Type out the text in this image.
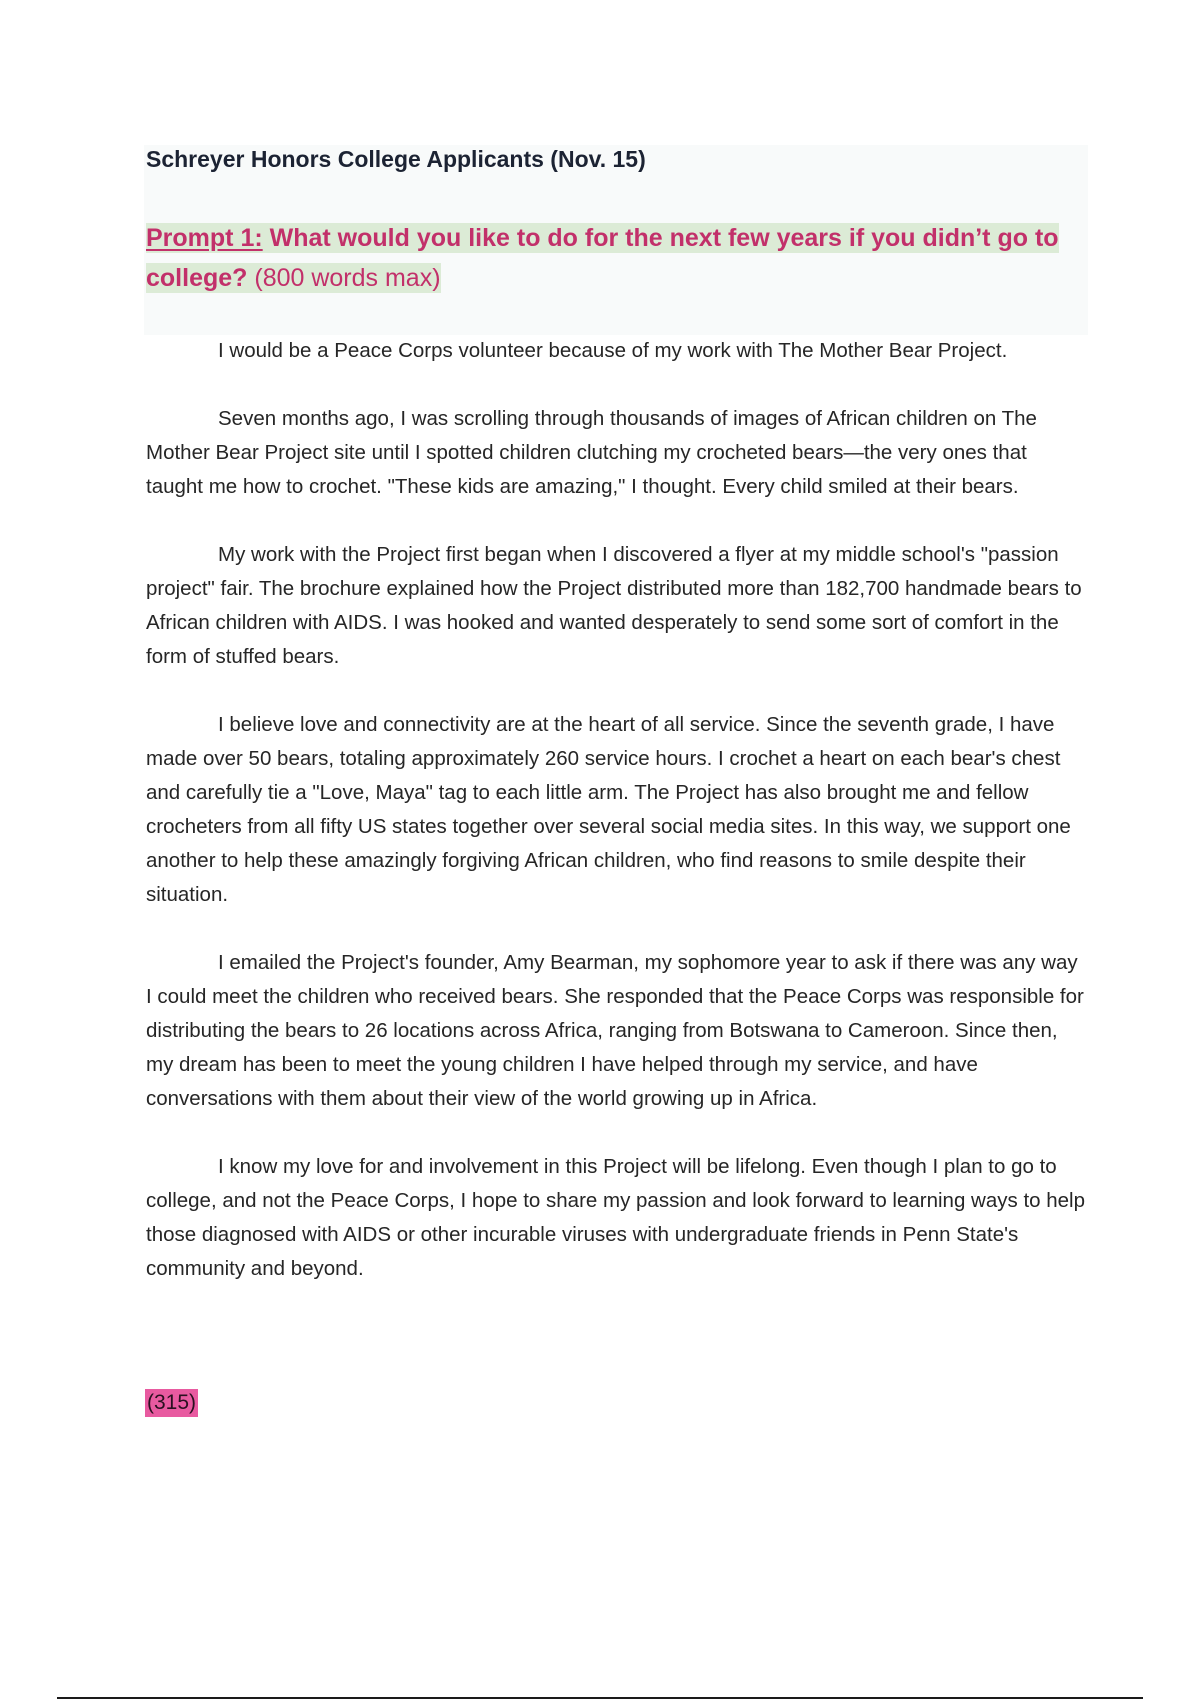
Schreyer Honors College Applicants (Nov. 15)
Prompt 1: What would you like to do for the next few years if you didn’t go to college? (800 words max)

I would be a Peace Corps volunteer because of my work with The Mother Bear Project.

Seven months ago, I was scrolling through thousands of images of African children on The Mother Bear Project site until I spotted children clutching my crocheted bears—the very ones that taught me how to crochet. "These kids are amazing," I thought. Every child smiled at their bears.

My work with the Project first began when I discovered a flyer at my middle school's "passion project" fair. The brochure explained how the Project distributed more than 182,700 handmade bears to African children with AIDS. I was hooked and wanted desperately to send some sort of comfort in the form of stuffed bears.

I believe love and connectivity are at the heart of all service. Since the seventh grade, I have made over 50 bears, totaling approximately 260 service hours. I crochet a heart on each bear's chest and carefully tie a "Love, Maya" tag to each little arm. The Project has also brought me and fellow crocheters from all fifty US states together over several social media sites. In this way, we support one another to help these amazingly forgiving African children, who find reasons to smile despite their situation.

I emailed the Project's founder, Amy Bearman, my sophomore year to ask if there was any way I could meet the children who received bears. She responded that the Peace Corps was responsible for distributing the bears to 26 locations across Africa, ranging from Botswana to Cameroon. Since then, my dream has been to meet the young children I have helped through my service, and have conversations with them about their view of the world growing up in Africa.

I know my love for and involvement in this Project will be lifelong. Even though I plan to go to college, and not the Peace Corps, I hope to share my passion and look forward to learning ways to help those diagnosed with AIDS or other incurable viruses with undergraduate friends in Penn State's community and beyond.

(315)
